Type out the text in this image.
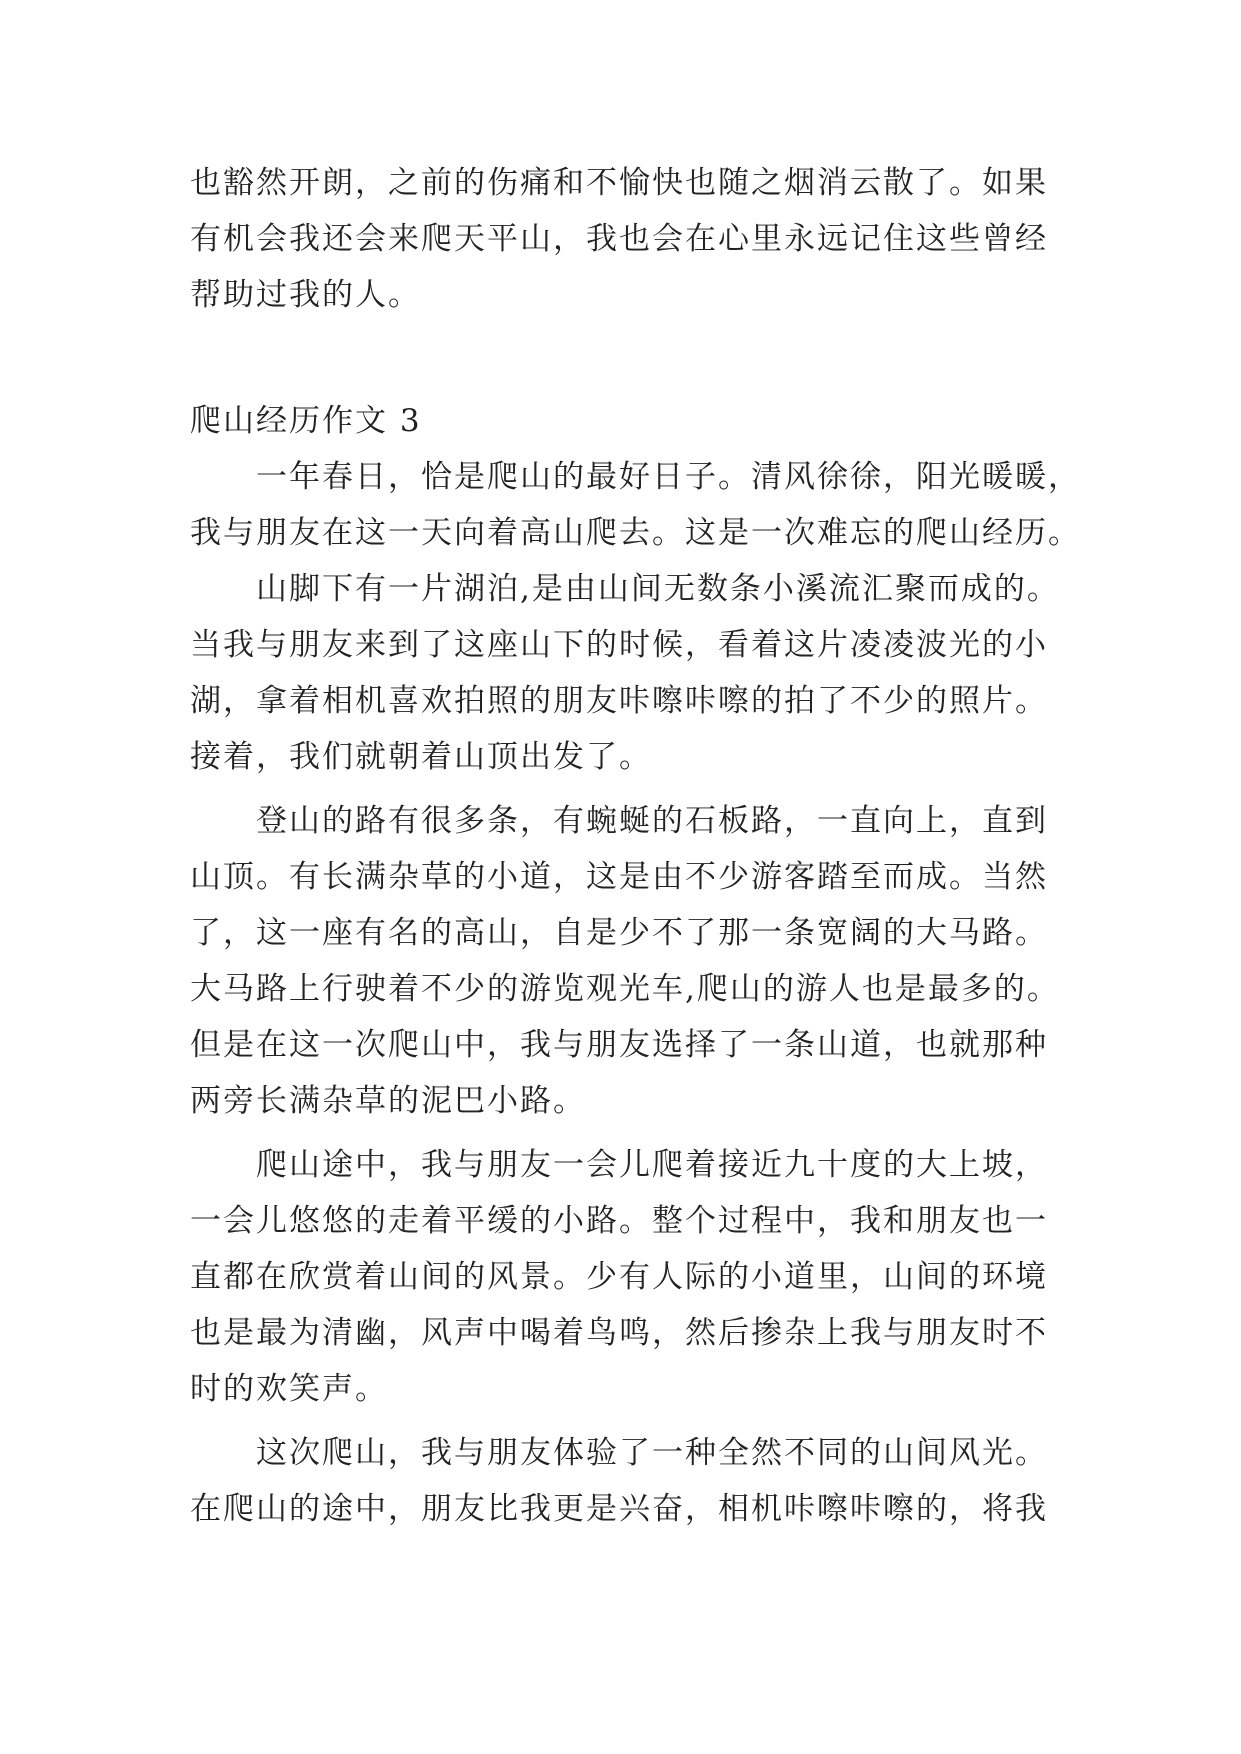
也豁然开朗，之前的伤痛和不愉快也随之烟消云散了。如果
有机会我还会来爬天平山，我也会在心里永远记住这些曾经
帮助过我的人。
爬山经历作文 3
一年春日，恰是爬山的最好日子。清风徐徐，阳光暖暖，
我与朋友在这一天向着高山爬去。这是一次难忘的爬山经历。
山脚下有一片湖泊,是由山间无数条小溪流汇聚而成的。
当我与朋友来到了这座山下的时候，看着这片凌凌波光的小
湖，拿着相机喜欢拍照的朋友咔嚓咔嚓的拍了不少的照片。
接着，我们就朝着山顶出发了。
登山的路有很多条，有蜿蜒的石板路，一直向上，直到
山顶。有长满杂草的小道，这是由不少游客踏至而成。当然
了，这一座有名的高山，自是少不了那一条宽阔的大马路。
大马路上行驶着不少的游览观光车,爬山的游人也是最多的。
但是在这一次爬山中，我与朋友选择了一条山道，也就那种
两旁长满杂草的泥巴小路。
爬山途中，我与朋友一会儿爬着接近九十度的大上坡，
一会儿悠悠的走着平缓的小路。整个过程中，我和朋友也一
直都在欣赏着山间的风景。少有人际的小道里，山间的环境
也是最为清幽，风声中喝着鸟鸣，然后掺杂上我与朋友时不
时的欢笑声。
这次爬山，我与朋友体验了一种全然不同的山间风光。
在爬山的途中，朋友比我更是兴奋，相机咔嚓咔嚓的，将我
